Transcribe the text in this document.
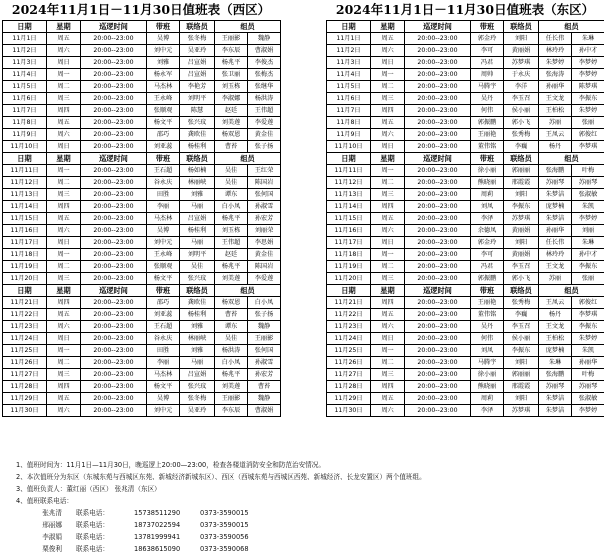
2024年11月1日－11月30日值班表（西区）
日期	星期	巡逻时间	带班	联络员	组员	
11月1日	周五	20:00--23:00	吴博	张冬梅	王丽影	魏静
11月2日	周六	20:00--23:00	刘中元	吴亚玲	李东辰	曹淑娟
11月3日	周日	20:00--23:00	刘雅	吕宣娟	杨兆平	李俊杰
11月4日	周一	20:00--23:00	杨永军	吕宣娟	张卫丽	张梅杰
11月5日	周二	20:00--23:00	马杰林	李艳芳	刘玉栋	张继华
11月6日	周三	20:00--23:00	王永峰	刘明平	李淑娜	杨洪涛
11月7日	周四	20:00--23:00	张顺观	陈慧	赵廷	王伟超
11月8日	周五	20:00--23:00	杨文平	张兴玟	刘美莲	李爱莲
11月9日	周六	20:00--23:00	邵巧	龚欧佳	杨双恩	黄金佳
11月10日	周日	20:00--23:00	刘亚蕊	杨桂利	曹苔	张子扬
日期	星期	巡逻时间	带班	联络员	组员	
11月11日	周一	20:00--23:00	王石超	杨如楠	吴佳	王红荣
11月12日	周二	20:00--23:00	谷永庆	林丽峡	吴佳	陈国岩
11月13日	周三	20:00--23:00	田胜	刘雅	谭东	张何国
11月14日	周四	20:00--23:00	李丽	马丽	白小凤	孙淑雪
11月15日	周五	20:00--23:00	马杰林	吕宣娟	杨兆平	孙宏芳
11月16日	周六	20:00--23:00	吴博	杨桂利	刘玉栋	刘丽荣
11月17日	周日	20:00--23:00	刘中元	马丽	王伟超	李思娟
11月18日	周一	20:00--23:00	王永峰	刘明平	赵廷	黄金佳
11月19日	周二	20:00--23:00	张顺观	吴佳	杨兆平	陈国岩
11月20日	周三	20:00--23:00	杨文平	张兴玟	刘美莲	李爱莲
日期	星期	巡逻时间	带班	联络员	组员	
11月21日	周四	20:00--23:00	邵巧	龚欧佳	杨双恩	白小凤
11月22日	周五	20:00--23:00	刘亚蕊	杨桂利	曹苔	张子扬
11月23日	周六	20:00--23:00	王石超	刘雅	谭东	魏静
11月24日	周日	20:00--23:00	谷永庆	林丽峡	吴佳	王丽影
11月25日	周一	20:00--23:00	田胜	刘雅	杨洪涛	张何国
11月26日	周二	20:00--23:00	李丽	马丽	白小凤	孙淑雪
11月27日	周三	20:00--23:00	马杰林	吕宣娟	杨兆平	孙宏芳
11月28日	周四	20:00--23:00	杨文平	张兴玟	刘美莲	曹苔
11月29日	周五	20:00--23:00	吴博	张冬梅	王丽影	魏静
11月30日	周六	20:00--23:00	刘中元	吴亚玲	李东辰	曹淑娟
2024年11月1日－11月30日值班表（东区）
日期	星期	巡逻时间	带班	联络员	组员	
11月1日	周五	20:00--23:00	郭金玲	刘阳	任长伟	朱琳
11月2日	周六	20:00--23:00	李可	黄丽娟	林玲玲	孙中才
11月3日	周日	20:00--23:00	冯君	苏梦琪	朱梦婷	李梦婷
11月4日	周一	20:00--23:00	周帅	于永庆	张海涛	李梦婷
11月5日	周二	20:00--23:00	马腾宇	李洋	孙丽华	陈梦琪
11月6日	周三	20:00--23:00	吴丹	李玉召	王文龙	李振东
11月7日	周四	20:00--23:00	何伟	侯小丽	王柏松	朱梦婷
11月8日	周五	20:00--23:00	郭振鹏	郭小飞	苏丽	张丽
11月9日	周六	20:00--23:00	王丽艳	张秀梅	王凤云	郭俊红
11月10日	周日	20:00--23:00	董伟铭	李巍	杨丹	李梦琪
日期	星期	巡逻时间	带班	联络员	组员	
11月11日	周一	20:00--23:00	徐小丽	郭丽丽	张海鹏	叶梅
11月12日	周二	20:00--23:00	熊晓丽	邢霞霞	苏丽琴	苏丽琴
11月13日	周三	20:00--23:00	周莉	刘阳	朱梦洁	张淑敏
11月14日	周四	20:00--23:00	刘凤	李振东	庞梦楠	朱凯
11月15日	周五	20:00--23:00	李泽	苏梦琪	朱梦洁	李梦婷
11月16日	周六	20:00--23:00	余德凤	黄丽娟	孙丽华	刘丽
11月17日	周日	20:00--23:00	郭金玲	刘阳	任长伟	朱琳
11月18日	周一	20:00--23:00	李可	黄丽娟	林玲玲	孙中才
11月19日	周二	20:00--23:00	冯君	李玉召	王文龙	李振东
11月20日	周三	20:00--23:00	郭振鹏	郭小飞	苏丽	张丽
日期	星期	巡逻时间	带班	联络员	组员	
11月21日	周四	20:00--23:00	王丽艳	张秀梅	王凤云	郭俊红
11月22日	周五	20:00--23:00	董伟铭	李巍	杨丹	李梦琪
11月23日	周六	20:00--23:00	吴丹	李玉召	王文龙	李振东
11月24日	周日	20:00--23:00	何伟	侯小丽	王柏松	朱梦婷
11月25日	周一	20:00--23:00	刘凤	李振东	庞梦楠	朱凯
11月26日	周二	20:00--23:00	马腾宇	刘阳	朱琳	孙丽华
11月27日	周三	20:00--23:00	徐小丽	郭丽丽	张海鹏	叶梅
11月28日	周四	20:00--23:00	熊晓丽	邢霞霞	苏丽琴	苏丽琴
11月29日	周五	20:00--23:00	周莉	刘阳	朱梦洁	张淑敏
11月30日	周六	20:00--23:00	李泽	苏梦琪	朱梦洁	李梦婷
1、值班时间为：11月1日—11月30日，晚巡逻上20:00—23:00，检查各楼道消防安全和防范治安情况。
2、本次值班分为东区（东城东苑与西城区东苑、新城经济新城东区）、西区（西城东苑与西城区西苑、新城经济、长龙安置区）两个值班组。
3、值班负责人：董红丽（西区） 张兆清（东区）
4、值班联系电话：
张兆清 联系电话：	15738511290	0373-3590015
邢丽娜 联系电话：	18737022594	0373-3590015
李淑娟 联系电话：	13781999941	0373-3590056
栗俊利 联系电话：	18638615090	0373-3590068
